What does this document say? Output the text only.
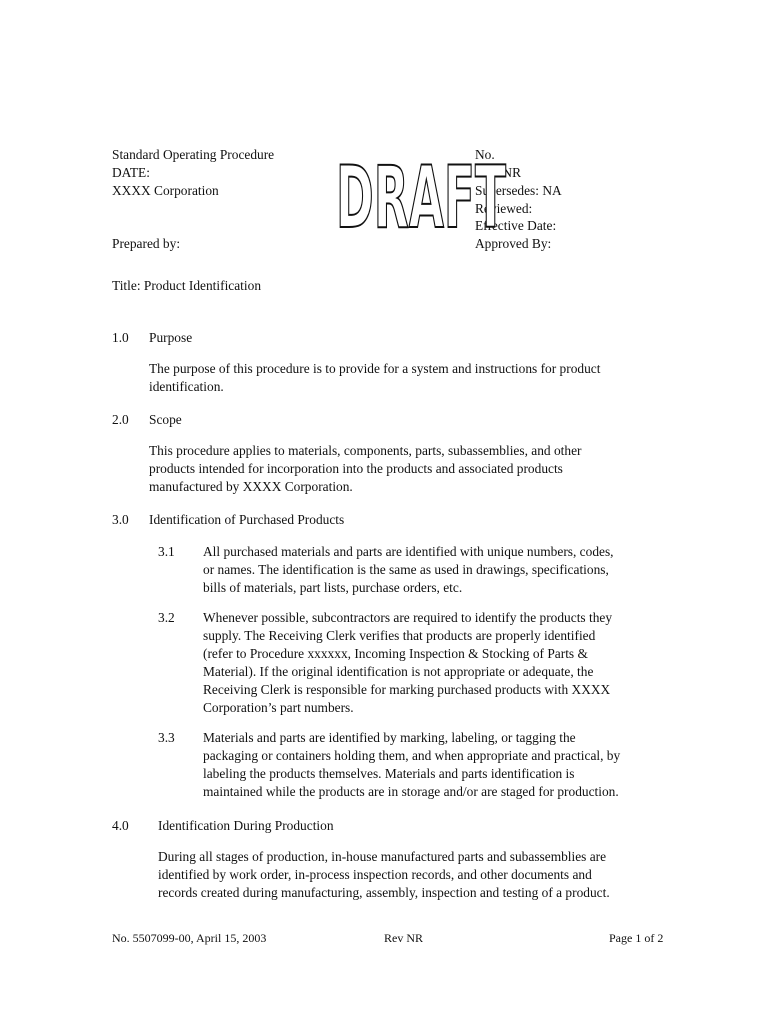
Standard Operating Procedure
DATE:
XXXX Corporation
Prepared by:
No.
Rev. NR
Supersedes: NA
Reviewed:
Effective Date:
Approved By:
DRAFT
Title: Product Identification
1.0 Purpose
The purpose of this procedure is to provide for a system and instructions for product
identification.
2.0 Scope
This procedure applies to materials, components, parts, subassemblies, and other
products intended for incorporation into the products and associated products
manufactured by XXXX Corporation.
3.0 Identification of Purchased Products
3.1 All purchased materials and parts are identified with unique numbers, codes,
or names. The identification is the same as used in drawings, specifications,
bills of materials, part lists, purchase orders, etc.
3.2 Whenever possible, subcontractors are required to identify the products they
supply. The Receiving Clerk verifies that products are properly identified
(refer to Procedure xxxxxx, Incoming Inspection & Stocking of Parts &
Material). If the original identification is not appropriate or adequate, the
Receiving Clerk is responsible for marking purchased products with XXXX
Corporation’s part numbers.
3.3 Materials and parts are identified by marking, labeling, or tagging the
packaging or containers holding them, and when appropriate and practical, by
labeling the products themselves. Materials and parts identification is
maintained while the products are in storage and/or are staged for production.
4.0 Identification During Production
During all stages of production, in-house manufactured parts and subassemblies are
identified by work order, in-process inspection records, and other documents and
records created during manufacturing, assembly, inspection and testing of a product.
No. 5507099-00, April 15, 2003	Rev NR	Page 1 of 2
